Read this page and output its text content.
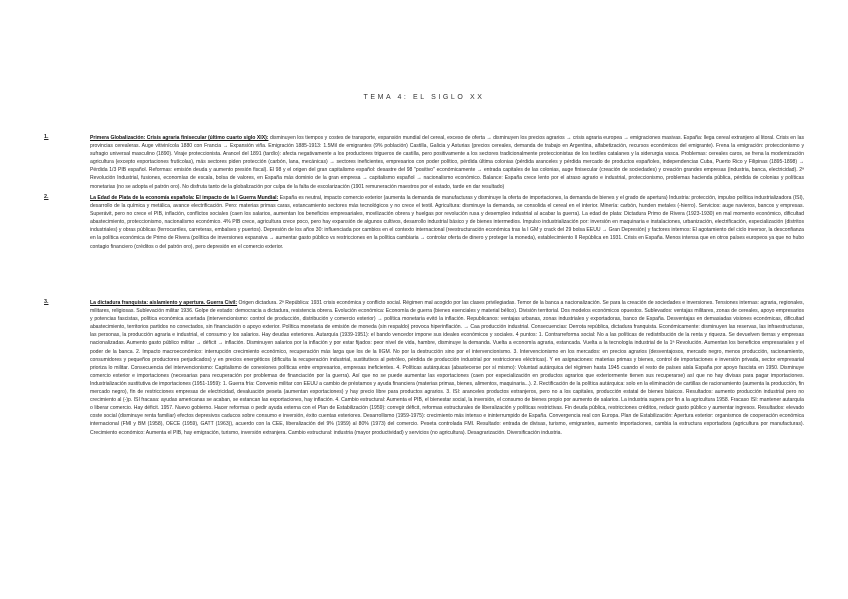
TEMA 4: EL SIGLO XX
1.	Primera Globalización: Crisis agraria finisecular (último cuarto siglo XIX): disminuyen los tiempos y costes de transporte, expansión mundial del cereal, exceso de oferta → disminuyen los precios agrarios → crisis agraria europea → emigraciones masivas. España: llega cereal extranjero al litoral. Crisis en las provincias cerealeras. Auge vitivinícola 1880 con Francia → Expansión viña. Emigración 1885-1913: 1.5Mil de emigrantes (9% población) Castilla, Galicia y Asturias (precios cereales, demanda de trabajo en Argentina, alfabetización, recursos económicos del emigrante). Frena la emigración: proteccionismo y sufragio universal masculino (1890). Viraje proteccionista. Arancel del 1891 (tardío): afecta negativamente a los productores trigueros de castilla, pero positivamente a los sectores tradicionalmente proteccionistas de los textiles catalanes y la siderurgia vasca. Problemas: cereales caros, se frena la modernización agricultura (excepto exportaciones frutícolas), más sectores piden protección (carbón, lana, mecánicas) → sectores ineficientes, empresarios con poder político, pérdida última colonias (pérdida aranceles y pérdida mercado de productos españoles, independencias Cuba, Puerto Rico y Filipinas (1895-1898) → Pérdida 1/3 PIB español. Reformas: emisión deuda y aumento presión fiscal). El 98 y el origen del gran capitalismo español: desastre del 98 "positivo" económicamente → entrada capitales de las colonias, auge finisecular (creación de sociedades) y creación grandes empresas (industria, banca, electricidad). 2ª Revolución Industrial, fusiones, economías de escala, bolsa de valores, en España más dominio de la gran empresa → capitalismo español → nacionalismo económico. Balance: España crece lento por el atraso agrario e industrial, proteccionismo, problemas hacienda pública, pérdida de colonias y políticas monetarias (no se adopta el patrón oro). No disfruta tanto de la globalización por culpa de la falta de escolarización (1901 remuneración maestros por el estado, tarde en dar resultado)
2.	La Edad de Plata de la economía española: El impacto de la I Guerra Mundial: España es neutral, impacto comercio exterior (aumenta la demanda de manufacturas y disminuye la oferta de importaciones, la demanda de bienes y el grado de apertura) Industria: protección, impulso política industrializadora (ISI), desarrollo de la química y metálica, avance electrificación. Pero: materias primas caras, estancamiento sectores más tecnológicos y no crece el textil. Agricultura: disminuye la demanda, se consolida el cereal en el interior. Minería: carbón, hunden metales (-hierro). Servicios: auge navieros, bancos y empresas. Superávit, pero no crece el PIB, inflación, conflictos sociales (caen los salarios, aumentan los beneficios empresariales, movilización obrera y huelgas por revolución rusa y desempleo industrial al acabar la guerra). La edad de plata: Dictadura Primo de Rivera (1923-1930) en mal momento económico, dificultad abastecimiento, proteccionismo, nacionalismo económico. 4% PIB crece, agricultura crece poco, pero hay expansión de algunos cultivos, desarrollo industrial básico y de bienes intermedios. Impulso industrialización por: inversión en maquinaria e instalaciones, urbanización, electrificación, especialización (distritos industriales) y obras públicas (ferrocarriles, carreteras, embalses y puertos). Depresión de los años 30: influenciada por cambios en el contexto internacional (reestructuración económica tras la I GM y crack del 29 bolsa EEUU → Gran Depresión) y factores internos: El agotamiento del ciclo inversor, la desconfianza en la política económica de Primo de Rivera (política de inversiones expansiva → aumentar gasto público vs restricciones en la política cambiaria → controlar oferta de dinero y proteger la moneda), establecimiento II República en 1931. Crisis en España. Menos intensa que en otros países europeos ya que no hubo contagio financiero (créditos o del patrón oro), pero depresión en el comercio exterior.
3.	La dictadura franquista: aislamiento y apertura. Guerra Civil: Origen dictadura. 2ª República: 1931 crisis económica y conflicto social. Régimen mal acogido por las clases privilegiadas. Temor de la banca a nacionalización. Se para la creación de sociedades e inversiones. Tensiones internas: agraria, regionales, militares, religiosas. Sublevación militar 1936. Golpe de estado: democracia a dictadura, resistencia obrera. Evolución económica: Economía de guerra (bienes esenciales y material bélico). División territorial. Dos modelos económicos opuestos. Sublevados: ventajas militares, zonas de cereales, apoyo empresarios y potencias fascistas, política económica acertada (intervencionismo: control de producción, distribución y comercio exterior) → política monetaria evitó la inflación. Republicanos: ventajas urbanas, zonas industriales y exportadoras, banco de España. Desventajas en demasiadas visiones económicas, dificultad abastecimiento, territorios partidos no conectados, sin financiación o apoyo exterior. Política monetaria de emisión de moneda (sin respaldo) provoca hiperinflación. → Caa producción industrial. Consecuencias: Derrota república, dictadura franquista. Económicamente: disminuyen las reservas, las infraestructuras, las personas, la producción agraria e industrial, el consumo y los salarios. Hay deudas exteriores. Autarquía (1939-1951): el bando vencedor impone sus ideales económicos y sociales. 4 puntos: 1. Contrarreforma social: No a las políticas de redistribución de la renta y riqueza. Se devuelven tierras y empresas nacionalizadas. Aumento gasto público militar → déficit → inflación. Disminuyen salarios por la inflación y por estar fijados: peor nivel de vida, hambre, disminuye la demanda. Vuelta a economía agraria, estancada. Vuelta a la tecnología industrial de la 1ª Revolución. Aumentan los beneficios empresariales y el poder de la banca. 2. Impacto macroeconómico: interrupción crecimiento económico, recuperación más larga que los de la IIGM. No por la destrucción sino por el intervencionismo. 3. Intervencionismo en los mercados: en precios agrarios (desventajosos, mercado negro, menos producción, racionamiento, consumidores y pequeños productores perjudicados) y en precios energéticos (dificulta la recuperación industrial, sustitutivos al petróleo, pérdida de producción industrial por restricciones eléctricas). Y en asignaciones: materias primas y bienes, control de importaciones e inversión privada, sector empresarial prioriza lo militar. Consecuencia del intervencionismo: Capitalismo de conexiones políticas entre empresarios, empresas ineficientes. 4. Políticas autárquicas (abastecerse por sí mismo): Voluntad autárquica del régimen hasta 1945 cuando el resto de países aisla España por apoyo fascista en 1950. Disminuye comercio exterior e importaciones (necesarias para recuperación por problemas de financiación por la guerra). Así que no se puede aumentar las exportaciones (caen por especialización en productos agrarios que exteriormente tienen sus recuperarse) así que no hay divisas para pagar importaciones. Industrialización sustitutiva de importaciones (1951-1959): 1. Guerra fría: Convenio militar con EEUU a cambio de préstamos y ayuda financiera (materias primas, bienes, alimentos, maquinaria...). 2. Rectificación de la política autárquica: solo en la eliminación de cartillas de racionamiento (aumenta la producción, fin mercado negro), fin de restricciones empresas de electricidad, devaluación peseta (aumentan exportaciones) y hay precio libre para productos agrarios. 3. ISI: aranceles productos extranjeros, pero no a los capitales, producción estatal de bienes básicos. Resultados: aumento producción industrial pero no crecimiento al (-)p. ISI fracasa: ayudas americanas se acaban, se estancan las exportaciones, hay inflación. 4. Cambio estructural: Aumenta el PIB, el bienestar social, la inversión, el consumo de bienes propio por aumento de salarios. La industria supera por fin a la agricultura 1958. Fracaso ISI: mantener autarquía o liberar comercio. Hay déficit. 1957. Nuevo gobierno. Hacer reformas o pedir ayuda externa con el Plan de Estabilización (1959): corregir déficit, reformas estructurales de liberalización y políticas restrictivas. Fin deuda pública, restricciones créditos, reducir gasto público y aumentar ingresos. Resultados: elevado coste social (disminuye renta familiar) efectos depresivos caducos sobre consumo e inversión, éxito cuentas exteriores. Desarrollismo (1959-1975): crecimiento más intenso e ininterrumpido de España. Convergencia real con Europa. Plan de Estabilización: Apertura exterior: organismos de cooperación económica internacional (FMI y BM (1958), OECE (1959), GATT (1963)), acuerdo con la CEE, liberalización del 9% (1959) al 80% (1973) del comercio. Peseta controlada FMI. Resultado: entrada de divisas, turismo, emigrantes, aumento importaciones, cambia la estructura exportadora (agricultura por manufacturas). Crecimiento económico: Aumenta el PIB, hay emigración, turismo, inversión extranjera. Cambio estructural: industria (mayor productividad) y servicios (no agricultura). Desagrarización. Diversificación industria.
